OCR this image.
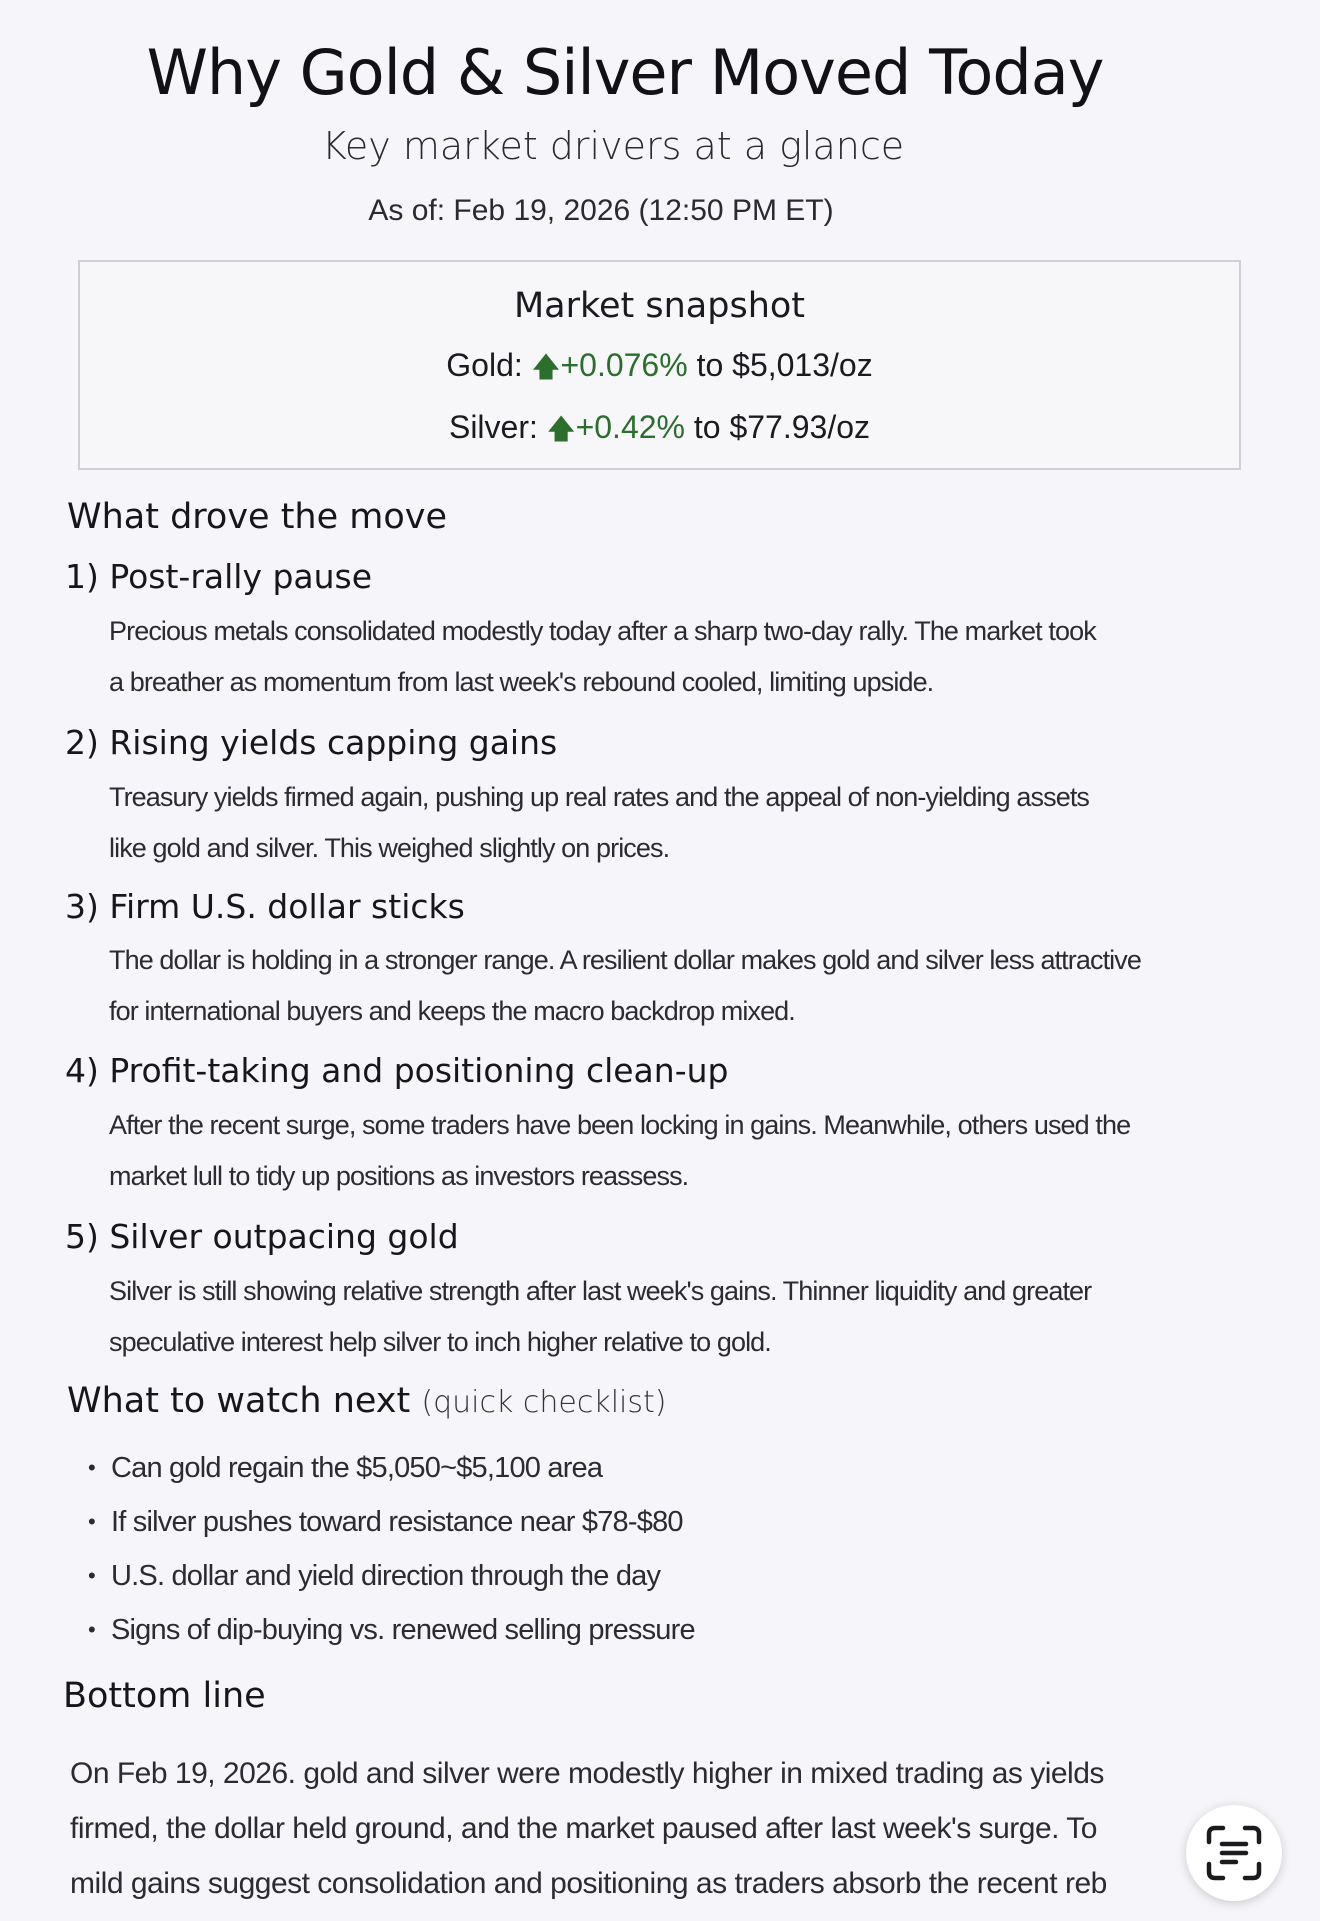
Why Gold & Silver Moved Today
Key market drivers at a glance
As of: Feb 19, 2026 (12:50 PM ET)
Market snapshot
Gold: 🡅+0.076% to $5,013/oz
Silver: 🡅+0.42% to $77.93/oz
What drove the move
1) Post-rally pause
Precious metals consolidated modestly today after a sharp two-day rally. The market took
a breather as momentum from last week's rebound cooled, limiting upside.
2) Rising yields capping gains
Treasury yields firmed again, pushing up real rates and the appeal of non-yielding assets
like gold and silver. This weighed slightly on prices.
3) Firm U.S. dollar sticks
The dollar is holding in a stronger range. A resilient dollar makes gold and silver less attractive
for international buyers and keeps the macro backdrop mixed.
4) Profit-taking and positioning clean-up
After the recent surge, some traders have been locking in gains. Meanwhile, others used the
market lull to tidy up positions as investors reassess.
5) Silver outpacing gold
Silver is still showing relative strength after last week's gains. Thinner liquidity and greater
speculative interest help silver to inch higher relative to gold.
What to watch next (quick checklist)
• Can gold regain the $5,050~$5,100 area
• If silver pushes toward resistance near $78-$80
• U.S. dollar and yield direction through the day
• Signs of dip-buying vs. renewed selling pressure
Bottom line
On Feb 19, 2026. gold and silver were modestly higher in mixed trading as yields
firmed, the dollar held ground, and the market paused after last week's surge. To
mild gains suggest consolidation and positioning as traders absorb the recent reb
